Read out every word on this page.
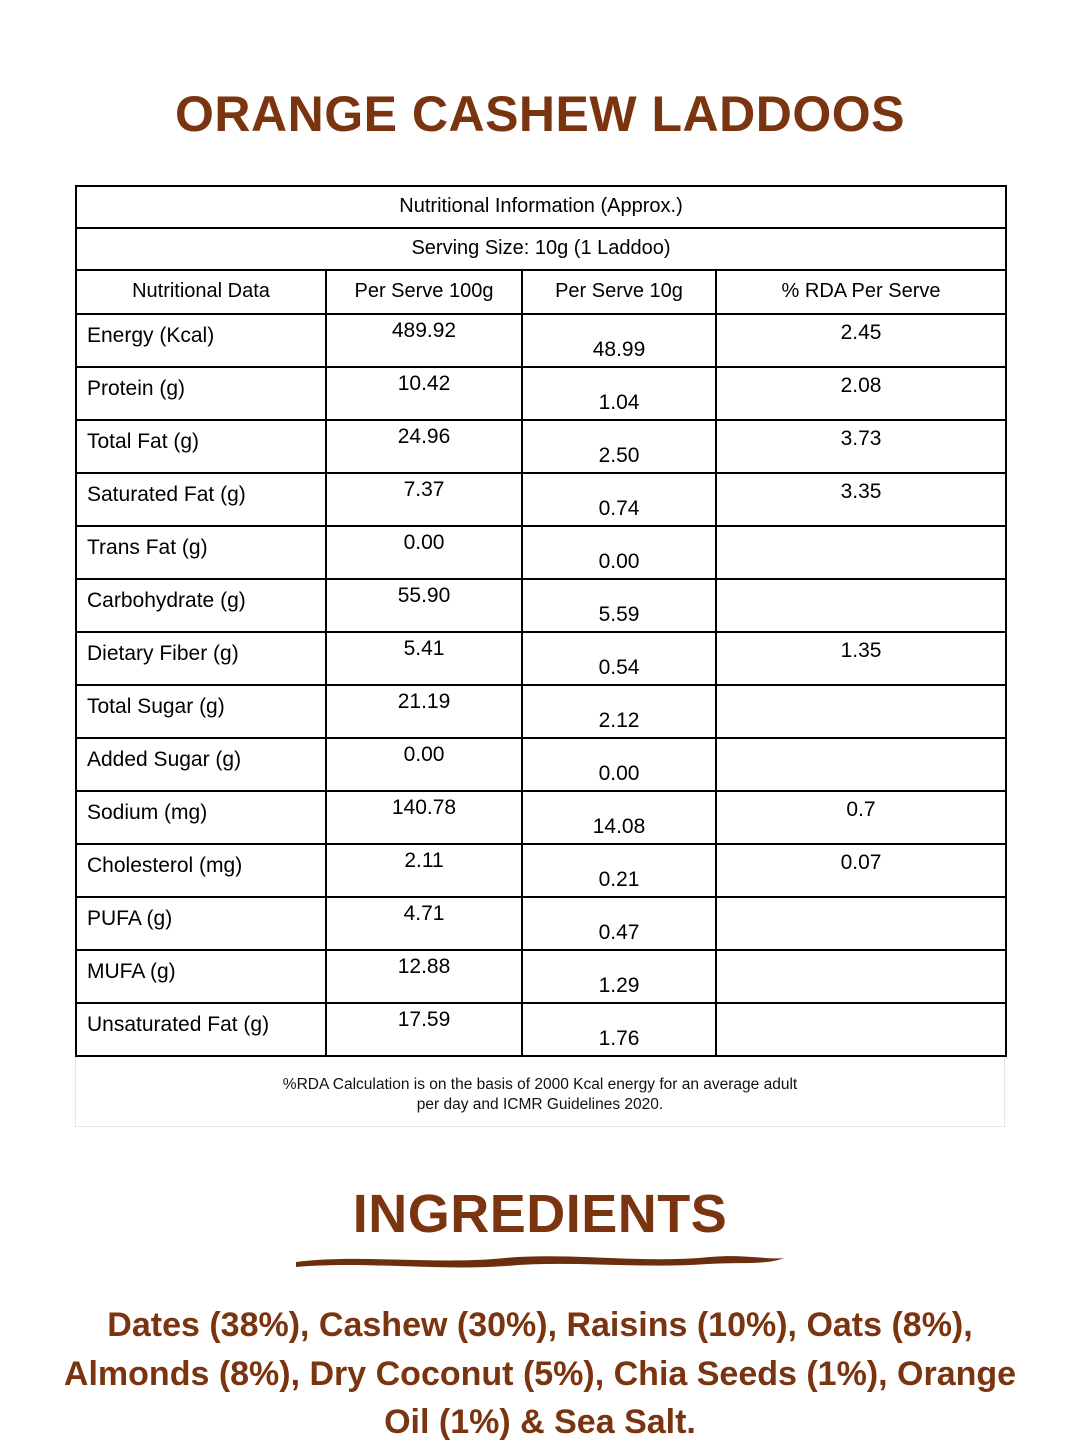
ORANGE CASHEW LADDOOS
Nutritional Information (Approx.)			
Serving Size: 10g (1 Laddoo)			
Nutritional Data	Per Serve 100g	Per Serve 10g	% RDA Per Serve
Energy (Kcal)	489.92	48.99	2.45
Protein (g)	10.42	1.04	2.08
Total Fat (g)	24.96	2.50	3.73
Saturated Fat (g)	7.37	0.74	3.35
Trans Fat (g)	0.00	0.00	
Carbohydrate (g)	55.90	5.59	
Dietary Fiber (g)	5.41	0.54	1.35
Total Sugar (g)	21.19	2.12	
Added Sugar (g)	0.00	0.00	
Sodium (mg)	140.78	14.08	0.7
Cholesterol (mg)	2.11	0.21	0.07
PUFA (g)	4.71	0.47	
MUFA (g)	12.88	1.29	
Unsaturated Fat (g)	17.59	1.76	
%RDA Calculation is on the basis of 2000 Kcal energy for an average adult
per day and ICMR Guidelines 2020.
INGREDIENTS

Dates (38%), Cashew (30%), Raisins (10%), Oats (8%), Almonds (8%), Dry Coconut (5%), Chia Seeds (1%), Orange Oil (1%) & Sea Salt.
